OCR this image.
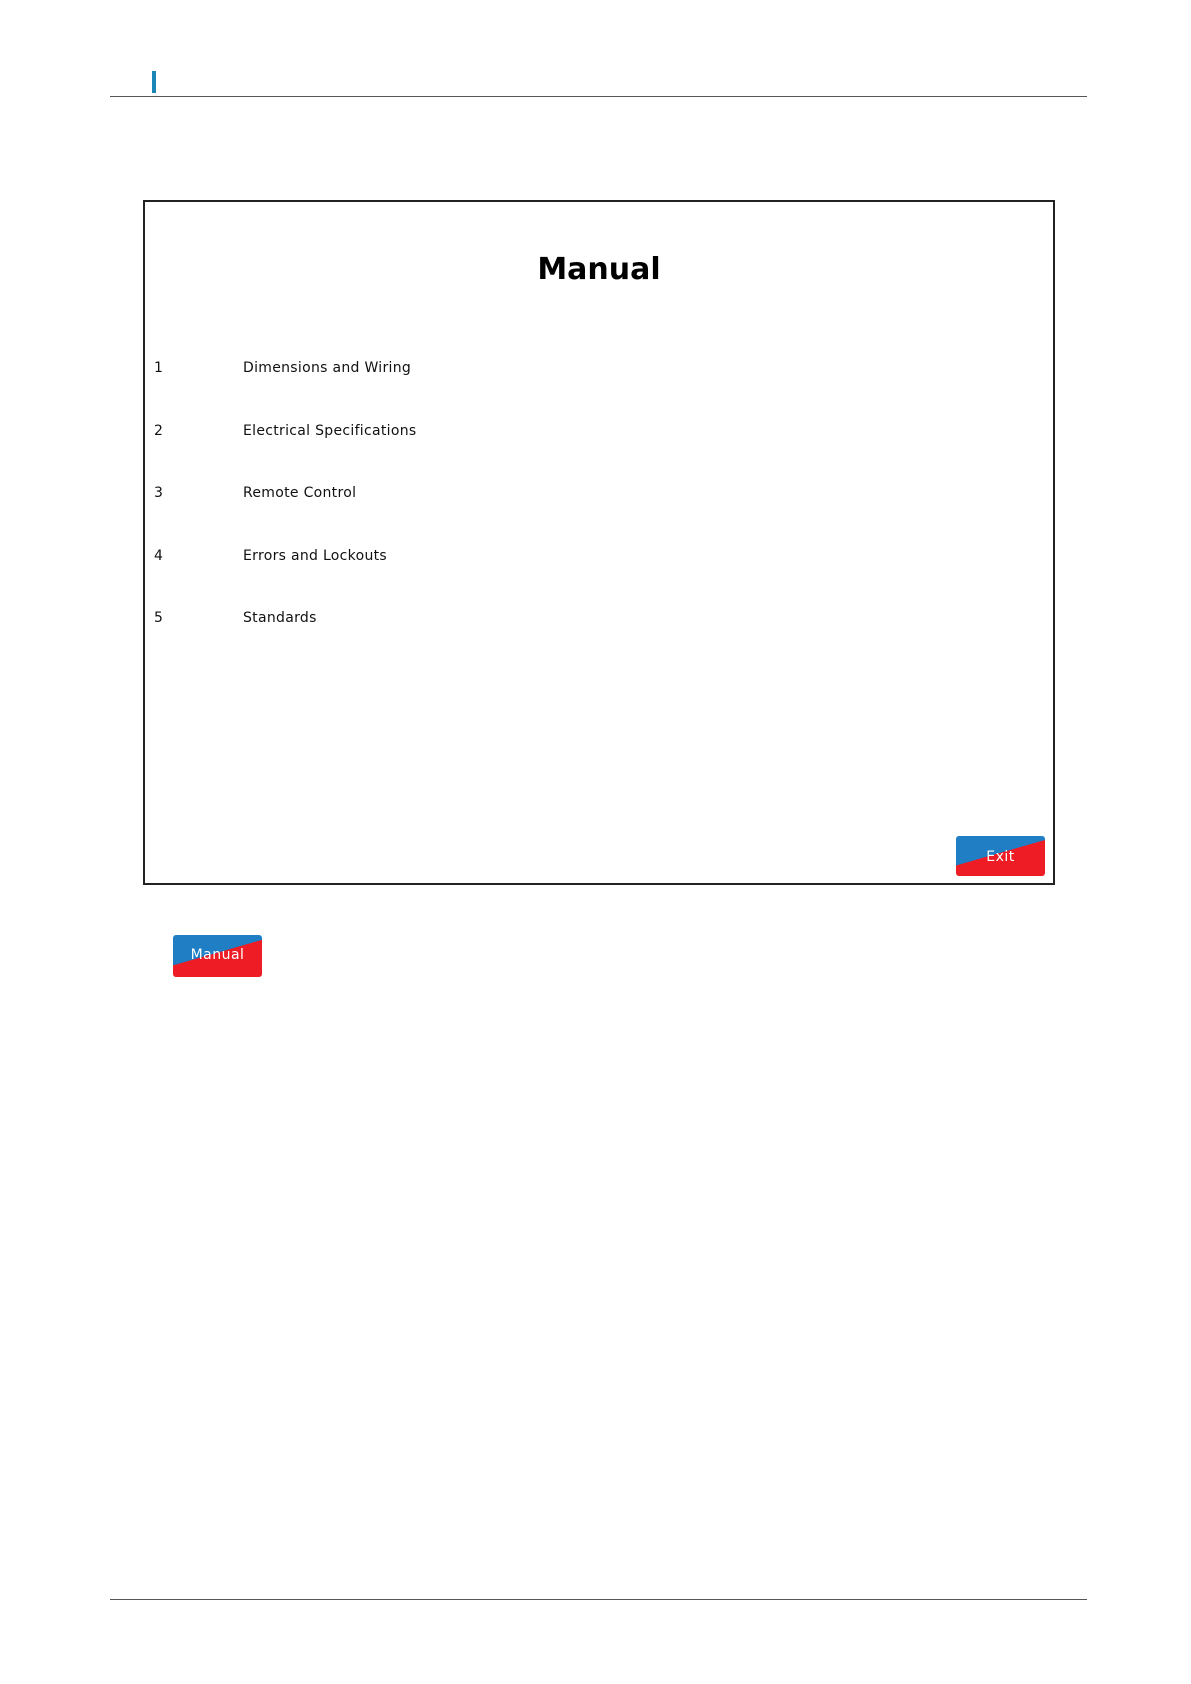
Manual
1	Dimensions and Wiring
2	Electrical Specifications
3	Remote Control
4	Errors and Lockouts
5	Standards
Exit
Manual
